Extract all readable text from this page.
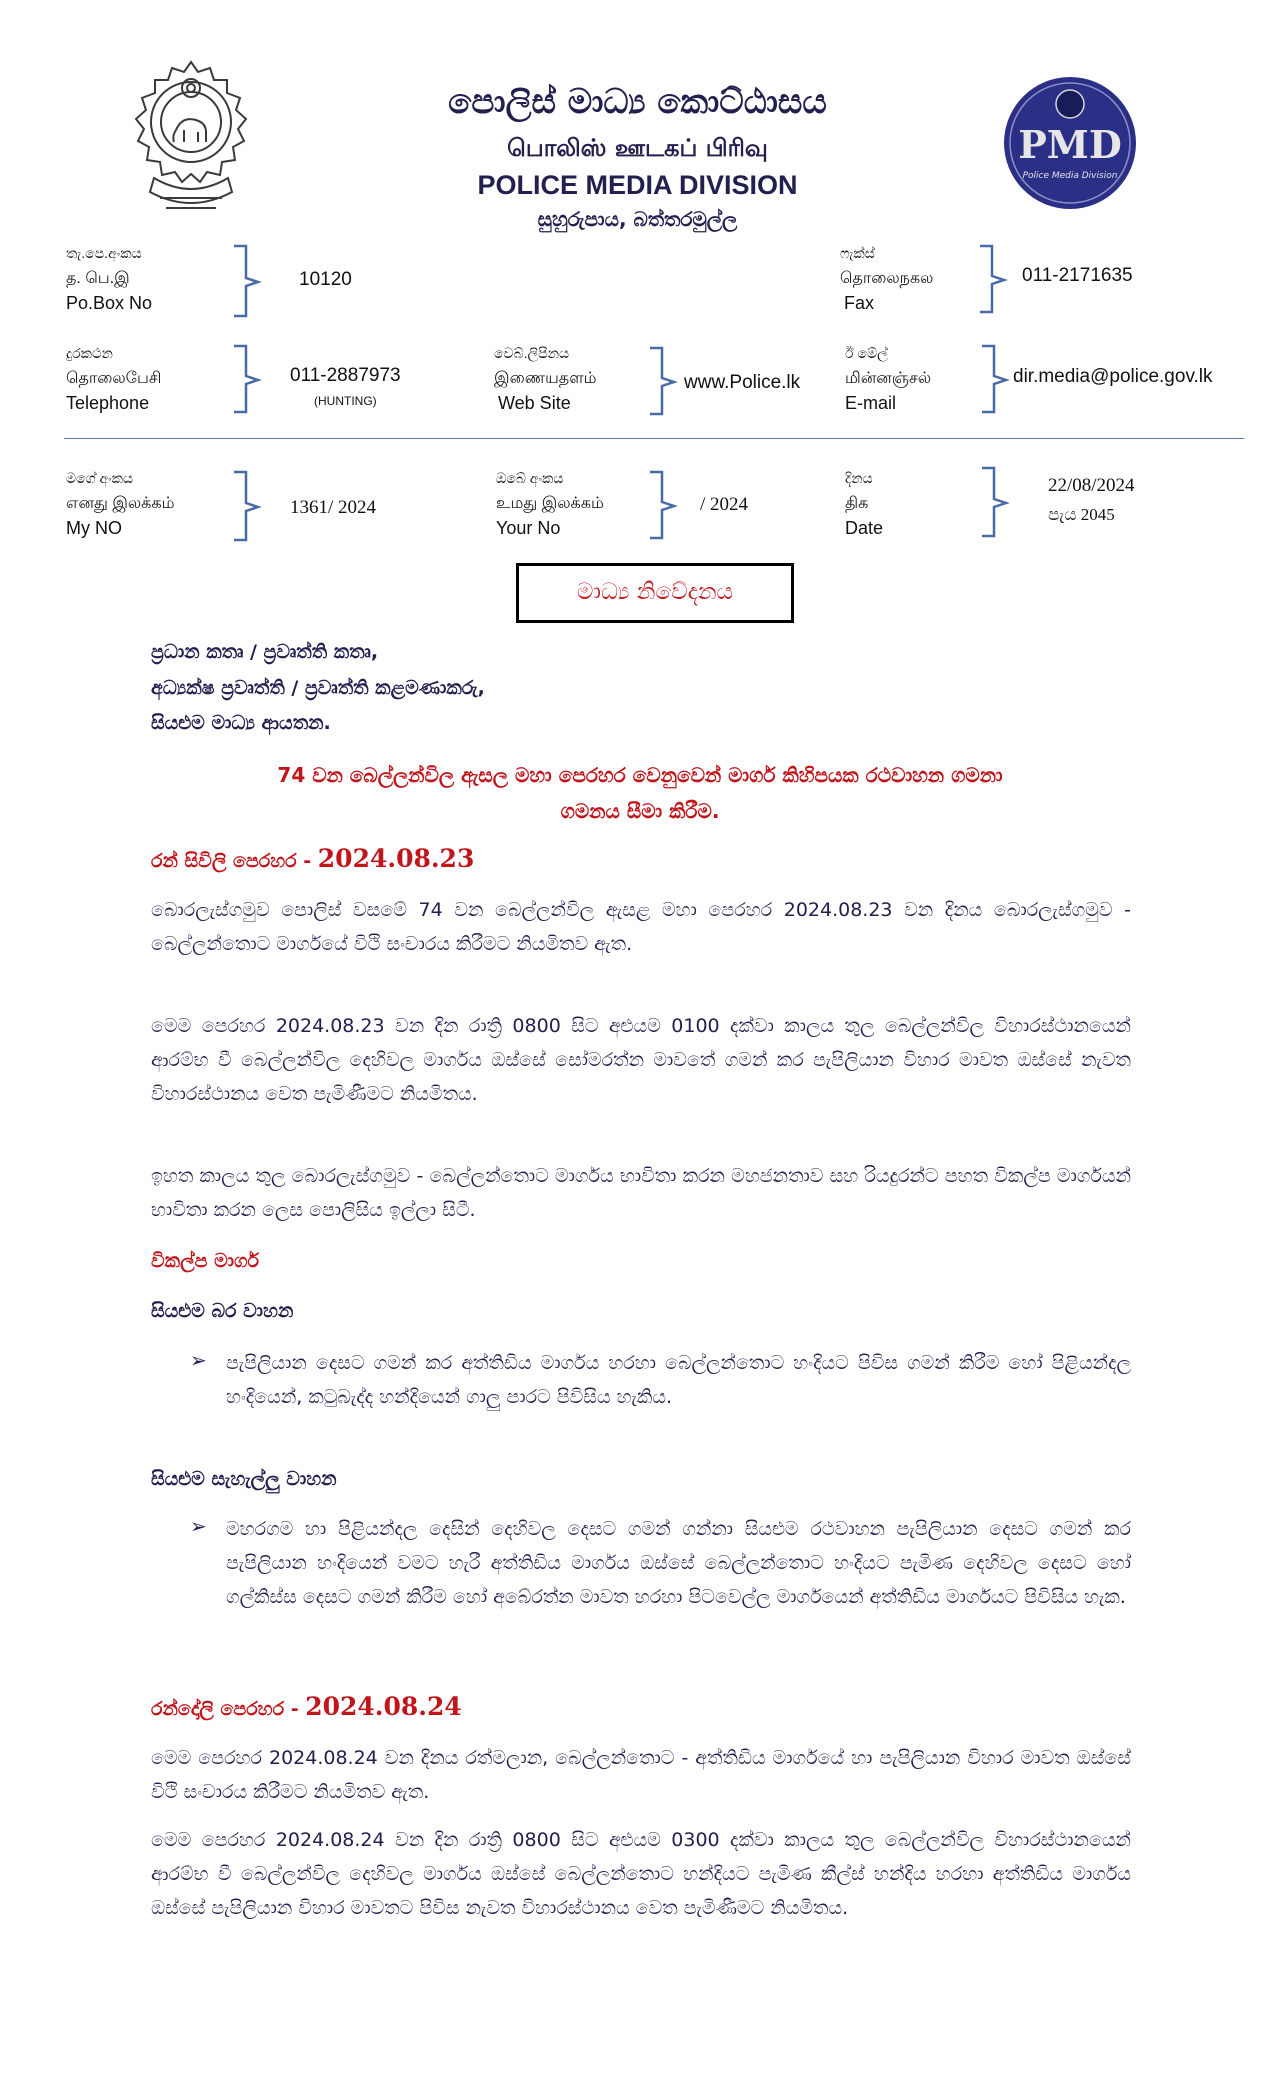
PMD
Police Media Division
පොලිස් මාධ්‍ය කොට්ඨාසය
பொலிஸ் ஊடகப் பிரிவு
POLICE MEDIA DIVISION
සුහුරුපාය, බත්තරමුල්ල
තැ.පෙ.අංකය
த. பெ.இ
Po.Box No
10120
ෆැක්ස්
தொலைநகல
Fax
011-2171635
දුරකථන
தொலைபேசி
Telephone
011-2887973
(HUNTING)
වෙබ්.ලිපිනය
இணையதளம்
Web Site
www.Police.lk
ඊ මේල්
மின்னஞ்சல்
E-mail
dir.media@police.gov.lk
මගේ අංකය
எனது இலக்கம்
My NO
1361/ 2024
ඔබේ අංකය
உமது இலக்கம்
Your No
/ 2024
දිනය
திக
Date
22/08/2024
පැය 2045
මාධ්‍ය නිවේදනය
ප්‍රධාන කතෘ / ප්‍රවෘත්ති කතෘ,
අධ්‍යක්ෂ ප්‍රවෘත්ති / ප්‍රවෘත්ති කළමණාකරු,
සියළුම මාධ්‍ය ආයතන.
74 වන බෙල්ලන්විල ඇසල මහා පෙරහර වෙනුවෙන් මාර්ග කිහිපයක රථවාහන ගමනා
ගමනය සීමා කිරීම.
රන් සිවිලි පෙරහර - 2024.08.23
බොරලැස්ගමුව පොලිස් වසමේ 74 වන බෙල්ලන්විල ඇසළ මහා පෙරහර 2024.08.23 වන දිනය බොරලැස්ගමුව - බෙල්ලන්තොට මාර්ගයේ විථි සංචාරය කිරීමට නියමිතව ඇත.
මෙම පෙරහර 2024.08.23 වන දින රාත්‍රි 0800 සිට අළුයම 0100 දක්වා කාලය තුල බෙල්ලන්විල විහාරස්ථානයෙන් ආරම්භ වී බෙල්ලන්විල දෙහිවල මාර්ගය ඔස්සේ සෝමරත්න මාවතේ ගමන් කර පැපිලියාන විහාර මාවත ඔස්සේ නැවත විහාරස්ථානය වෙත පැමිණීමට නියමිතය.
ඉහත කාලය තුල බොරලැස්ගමුව - බෙල්ලන්තොට මාර්ගය භාවිතා කරන මහජනතාව සහ රියදුරන්ට පහත විකල්ප මාර්ගයන් භාවිතා කරන ලෙස පොලිසිය ඉල්ලා සිටී.
විකල්ප මාර්ග
සියළුම බර වාහන
➢ පැපිලියාන දෙසට ගමන් කර අත්තිඩිය මාර්ගය හරහා බෙල්ලන්තොට හංදියට පිවිස ගමන් කිරීම හෝ පිළියන්දල හංදියෙන්, කටුබැද්ද හන්දියෙන් ගාලු පාරට පිවිසිය හැකිය.
සියළුම සැහැල්ලු වාහන
➢ මහරගම හා පිළියන්දල දෙසින් දෙහිවල දෙසට ගමන් ගන්නා සියළුම රථවාහන පැපිලියාන දෙසට ගමන් කර පැපිලියාන හංදියෙන් වමට හැරී අත්තිඩිය මාර්ගය ඔස්සේ බෙල්ලන්තොට හංදියට පැමිණ දෙහිවල දෙසට හෝ ගල්කිස්ස දෙසට ගමන් කිරීම හෝ අබේරත්න මාවත හරහා පිටවෙල්ල මාර්ගයෙන් අත්තිඩිය මාර්ගයට පිවිසිය හැක.
රන්දෝලි පෙරහර - 2024.08.24
මෙම පෙරහර 2024.08.24 වන දිනය රත්මලාන, බෙල්ලන්තොට - අත්තිඩිය මාර්ගයේ හා පැපිලියාන විහාර මාවත ඔස්සේ විථි සංචාරය කිරීමට නියමිතව ඇත.
මෙම පෙරහර 2024.08.24 වන දින රාත්‍රි 0800 සිට අළුයම 0300 දක්වා කාලය තුල බෙල්ලන්විල විහාරස්ථානයෙන් ආරම්භ වී බෙල්ලන්විල දෙහිවල මාර්ගය ඔස්සේ බෙල්ලන්තොට හන්දියට පැමිණ කීල්ස් හන්දිය හරහා අත්තිඩිය මාර්ගය ඔස්සේ පැපිලියාන විහාර මාවතට පිවිස නැවත විහාරස්ථානය වෙත පැමිණීමට නියමිතය.
